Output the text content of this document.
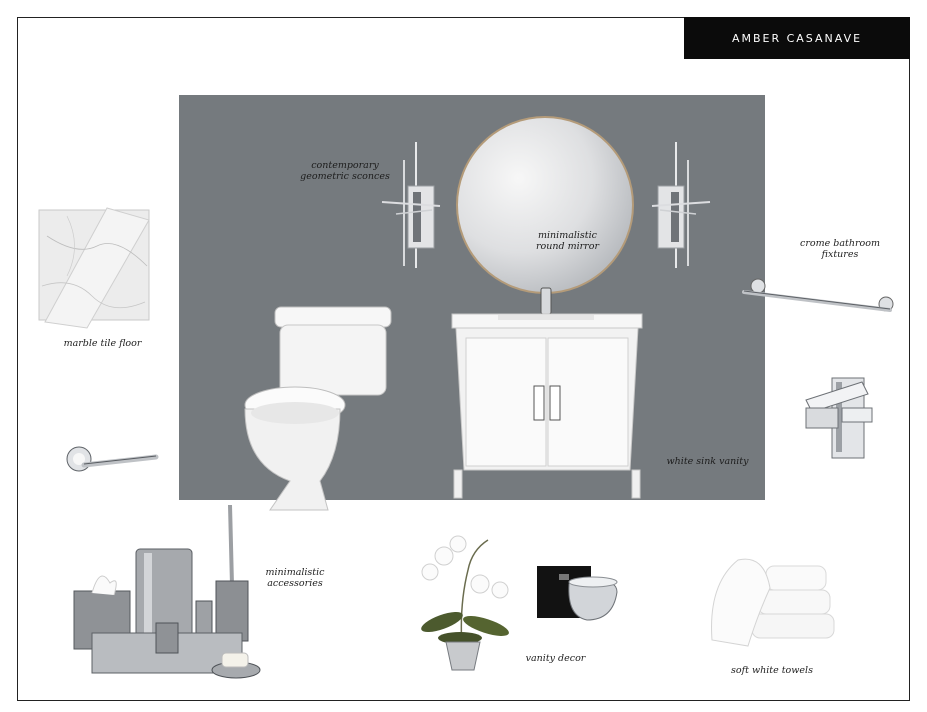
AMBER CASANAVE
contemporary
geometric sconces
minimalistic
round mirror	crome bathroom
fixtures
marble tile floor
white sink vanity
minimalistic
accessories
vanity decor
soft white towels
